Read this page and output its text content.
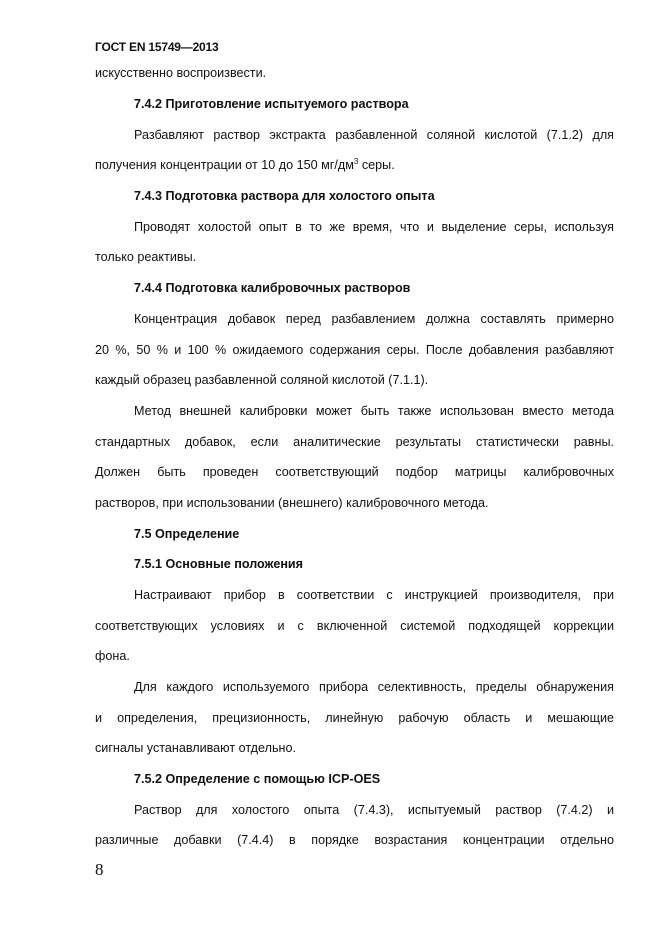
ГОСТ EN 15749—2013
искусственно воспроизвести.
7.4.2 Приготовление испытуемого раствора
Разбавляют раствор экстракта разбавленной соляной кислотой (7.1.2) для
получения концентрации от 10 до 150 $мг/дм^3$ серы.
7.4.3 Подготовка раствора для холостого опыта
Проводят холостой опыт в то же время, что и выделение серы, используя
только реактивы.
7.4.4 Подготовка калибровочных растворов
Концентрация добавок перед разбавлением должна составлять примерно
20 %, 50 % и 100 % ожидаемого содержания серы. После добавления разбавляют
каждый образец разбавленной соляной кислотой (7.1.1).
Метод внешней калибровки может быть также использован вместо метода
стандартных добавок, если аналитические результаты статистически равны.
Должен быть проведен соответствующий подбор матрицы калибровочных
растворов, при использовании (внешнего) калибровочного метода.
7.5 Определение
7.5.1 Основные положения
Настраивают прибор в соответствии с инструкцией производителя, при
соответствующих условиях и с включенной системой подходящей коррекции
фона.
Для каждого используемого прибора селективность, пределы обнаружения
и определения, прецизионность, линейную рабочую область и мешающие
сигналы устанавливают отдельно.
7.5.2 Определение с помощью ICP-OES
Раствор для холостого опыта (7.4.3), испытуемый раствор (7.4.2) и
различные добавки (7.4.4) в порядке возрастания концентрации отдельно
8
